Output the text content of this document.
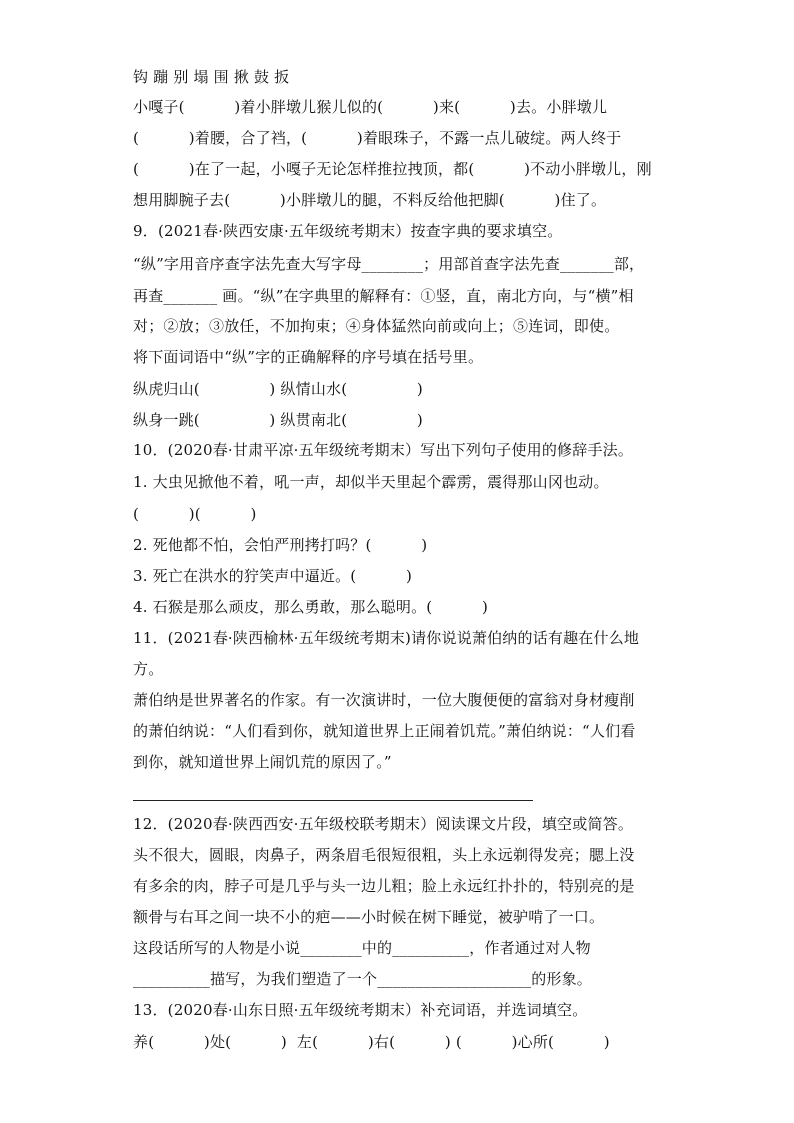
钩 蹦 别 塌 围 揪 鼓 扳
小嘎子(          )着小胖墩儿猴儿似的(          )来(          )去。小胖墩儿
(          )着腰，合了裆，(          )着眼珠子，不露一点儿破绽。两人终于
(          )在了一起，小嘎子无论怎样推拉拽顶，都(          )不动小胖墩儿，刚
想用脚腕子去(          )小胖墩儿的腿，不料反给他把脚(          )住了。
9．(2021春·陕西安康·五年级统考期末）按查字典的要求填空。
“纵”字用音序查字法先查大写字母________；用部首查字法先查_______部，
再查_______ 画。“纵”在字典里的解释有：①竖，直，南北方向，与“横”相
对；②放；③放任，不加拘束；④身体猛然向前或向上；⑤连词，即使。
将下面词语中“纵”字的正确解释的序号填在括号里。
纵虎归山(              ) 纵情山水(              )
纵身一跳(              ) 纵贯南北(              )
10．(2020春·甘肃平凉·五年级统考期末）写出下列句子使用的修辞手法。
1. 大虫见掀他不着，吼一声，却似半天里起个霹雳，震得那山冈也动。
(          )(          )
2. 死他都不怕，会怕严刑拷打吗？(          )
3. 死亡在洪水的狞笑声中逼近。(          )
4. 石猴是那么顽皮，那么勇敢，那么聪明。(          )
11．(2021春·陕西榆林·五年级统考期末)请你说说萧伯纳的话有趣在什么地
方。
萧伯纳是世界著名的作家。有一次演讲时，一位大腹便便的富翁对身材瘦削
的萧伯纳说：“人们看到你，就知道世界上正闹着饥荒。”萧伯纳说：“人们看
到你，就知道世界上闹饥荒的原因了。”
12．(2020春·陕西西安·五年级校联考期末）阅读课文片段，填空或简答。
头不很大，圆眼，肉鼻子，两条眉毛很短很粗，头上永远剃得发亮；腮上没
有多余的肉，脖子可是几乎与头一边儿粗；脸上永远红扑扑的，特别亮的是
额骨与右耳之间一块不小的疤——小时候在树下睡觉，被驴啃了一口。
这段话所写的人物是小说________中的__________，作者通过对人物
__________描写，为我们塑造了一个____________________的形象。
13．(2020春·山东日照·五年级统考期末）补充词语，并选词填空。
养(          )处(          )  左(          )右(          ) (          )心所(          )
